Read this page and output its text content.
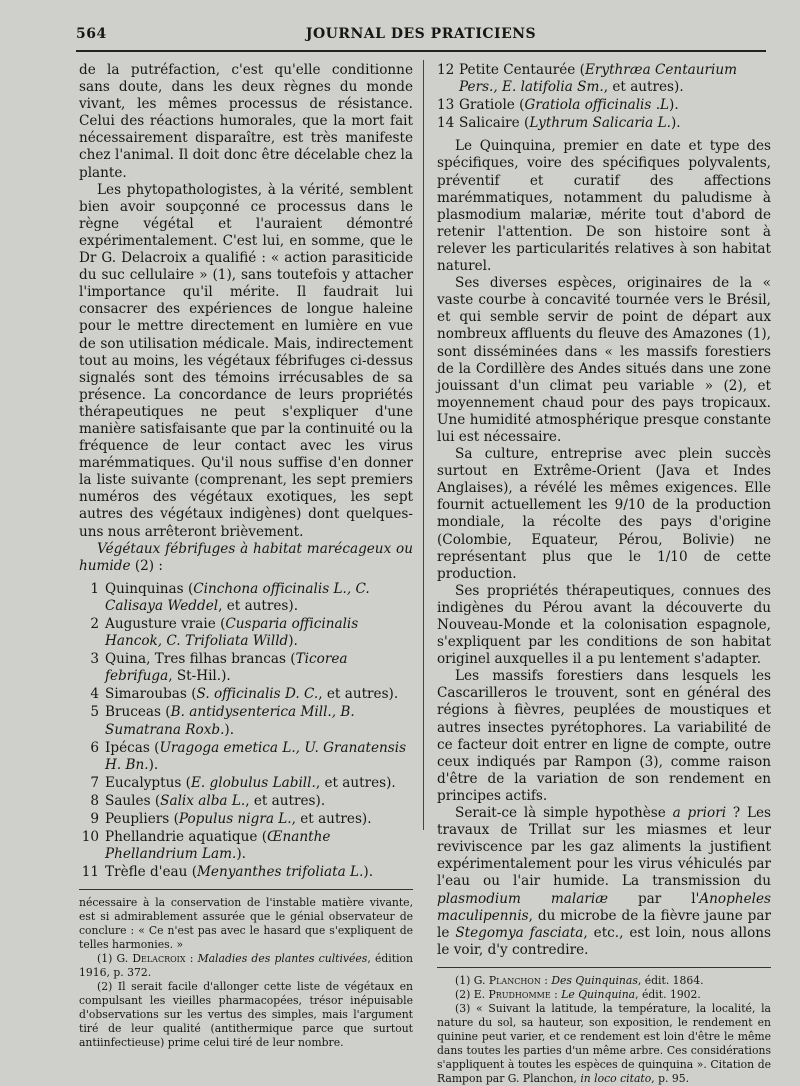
564	JOURNAL DES PRATICIENS

de la putréfaction, c'est qu'elle conditionne sans doute, dans les deux règnes du monde vivant, les mêmes processus de résistance. Celui des réactions humorales, que la mort fait nécessairement disparaître, est très manifeste chez l'animal. Il doit donc être décelable chez la plante.

Les phytopathologistes, à la vérité, semblent bien avoir soupçonné ce processus dans le règne végétal et l'auraient démontré expérimentalement. C'est lui, en somme, que le Dr G. Delacroix a qualifié : « action parasiticide du suc cellulaire » (1), sans toutefois y attacher l'importance qu'il mérite. Il faudrait lui consacrer des expériences de longue haleine pour le mettre directement en lumière en vue de son utilisation médicale. Mais, indirectement tout au moins, les végétaux fébrifuges ci-dessus signalés sont des témoins irrécusables de sa présence. La concordance de leurs propriétés thérapeutiques ne peut s'expliquer d'une manière satisfaisante que par la continuité ou la fréquence de leur contact avec les virus marémmatiques. Qu'il nous suffise d'en donner la liste suivante (comprenant, les sept premiers numéros des végétaux exotiques, les sept autres des végétaux indigènes) dont quelques-uns nous arrêteront brièvement.

Végétaux fébrifuges à habitat marécageux ou humide (2) :

1 Quinquinas (Cinchona officinalis L., C. Calisaya Weddel, et autres).
2 Augusture vraie (Cusparia officinalis Hancok, C. Trifoliata Willd).
3 Quina, Tres filhas brancas (Ticorea febrifuga, St-Hil.).
4 Simaroubas (S. officinalis D. C., et autres).
5 Bruceas (B. antidysenterica Mill., B. Sumatrana Roxb.).
6 Ipécas (Uragoga emetica L., U. Granatensis H. Bn.).
7 Eucalyptus (E. globulus Labill., et autres).
8 Saules (Salix alba L., et autres).
9 Peupliers (Populus nigra L., et autres).
10 Phellandrie aquatique (Œnanthe Phellandrium Lam.).
11 Trèfle d'eau (Menyanthes trifoliata L.).

nécessaire à la conservation de l'instable matière vivante, est si admirablement assurée que le génial observateur de conclure : « Ce n'est pas avec le hasard que s'expliquent de telles harmonies. »

(1) G. Delacroix : Maladies des plantes cultivées, édition 1916, p. 372.

(2) Il serait facile d'allonger cette liste de végétaux en compulsant les vieilles pharmacopées, trésor inépuisable d'observations sur les vertus des simples, mais l'argument tiré de leur qualité (antithermique parce que surtout antiinfectieuse) prime celui tiré de leur nombre.

12 Petite Centaurée (Erythræa Centaurium Pers., E. latifolia Sm., et autres).
13 Gratiole (Gratiola officinalis .L).
14 Salicaire (Lythrum Salicaria L.).

Le Quinquina, premier en date et type des spécifiques, voire des spécifiques polyvalents, préventif et curatif des affections marémmatiques, notamment du paludisme à plasmodium malariæ, mérite tout d'abord de retenir l'attention. De son histoire sont à relever les particularités relatives à son habitat naturel.

Ses diverses espèces, originaires de la « vaste courbe à concavité tournée vers le Brésil, et qui semble servir de point de départ aux nombreux affluents du fleuve des Amazones (1), sont disséminées dans « les massifs forestiers de la Cordillère des Andes situés dans une zone jouissant d'un climat peu variable » (2), et moyennement chaud pour des pays tropicaux. Une humidité atmosphérique presque constante lui est nécessaire.

Sa culture, entreprise avec plein succès surtout en Extrême-Orient (Java et Indes Anglaises), a révélé les mêmes exigences. Elle fournit actuellement les 9/10 de la production mondiale, la récolte des pays d'origine (Colombie, Equateur, Pérou, Bolivie) ne représentant plus que le 1/10 de cette production.

Ses propriétés thérapeutiques, connues des indigènes du Pérou avant la découverte du Nouveau-Monde et la colonisation espagnole, s'expliquent par les conditions de son habitat originel auxquelles il a pu lentement s'adapter.

Les massifs forestiers dans lesquels les Cascarilleros le trouvent, sont en général des régions à fièvres, peuplées de moustiques et autres insectes pyrétophores. La variabilité de ce facteur doit entrer en ligne de compte, outre ceux indiqués par Rampon (3), comme raison d'être de la variation de son rendement en principes actifs.

Serait-ce là simple hypothèse a priori ? Les travaux de Trillat sur les miasmes et leur reviviscence par les gaz aliments la justifient expérimentalement pour les virus véhiculés par l'eau ou l'air humide. La transmission du plasmodium malariæ par l'Anopheles maculipennis, du microbe de la fièvre jaune par le Stegomya fasciata, etc., est loin, nous allons le voir, d'y contredire.

(1) G. Planchon : Des Quinquinas, édit. 1864.

(2) E. Prudhomme : Le Quinquina, édit. 1902.

(3) « Suivant la latitude, la température, la localité, la nature du sol, sa hauteur, son exposition, le rendement en quinine peut varier, et ce rendement est loin d'être le même dans toutes les parties d'un même arbre. Ces considérations s'appliquent à toutes les espèces de quinquina ». Citation de Rampon par G. Planchon, in loco citato, p. 95.
